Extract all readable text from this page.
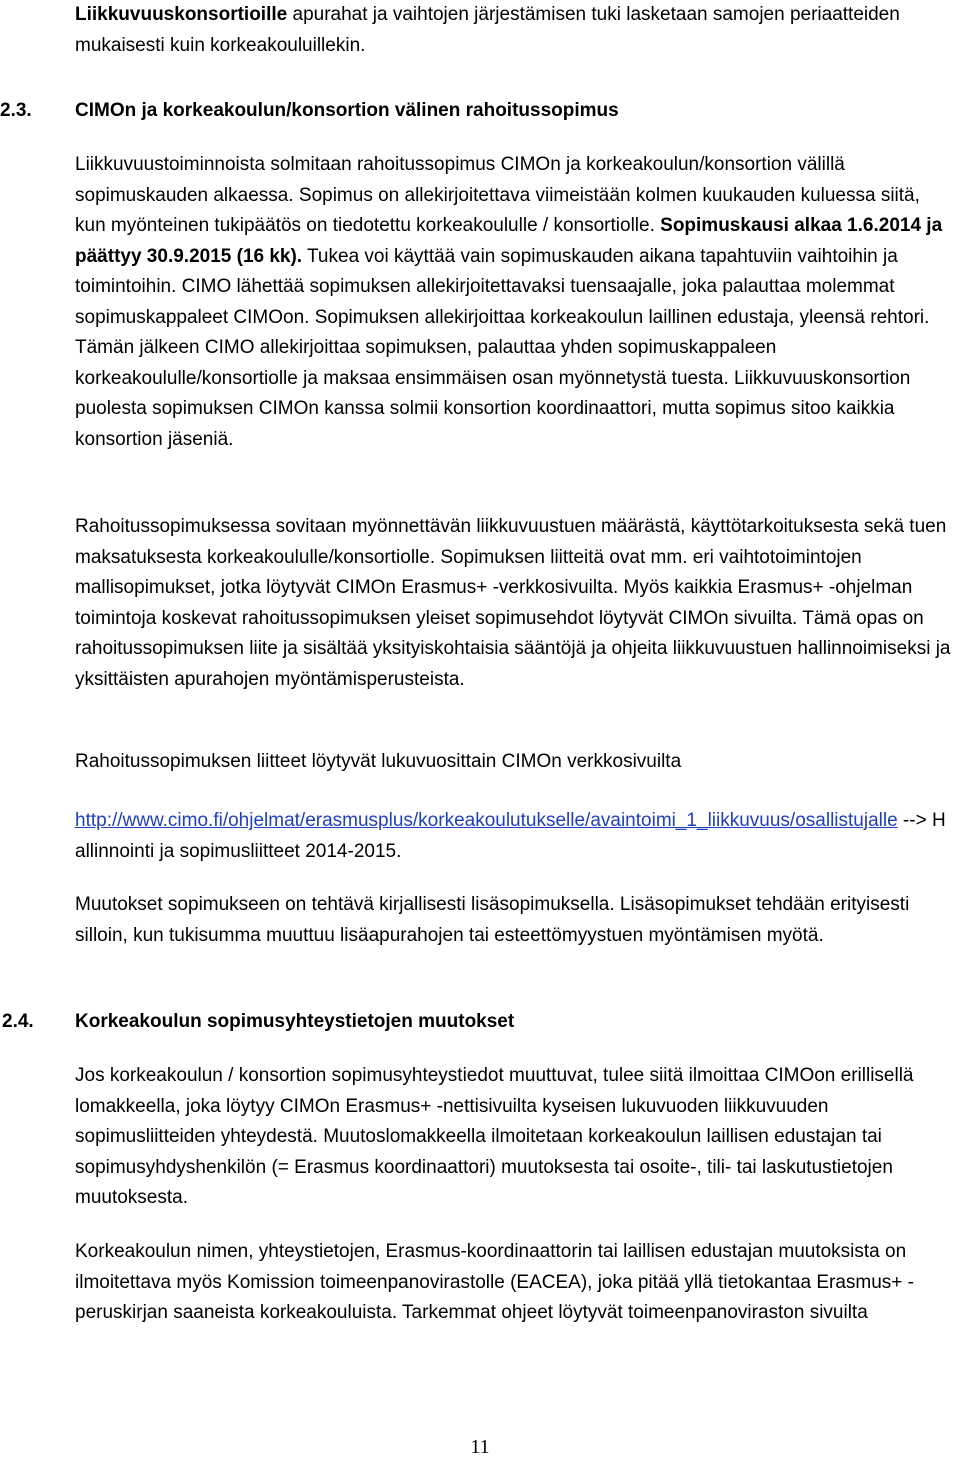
Liikkuvuuskonsortioille apurahat ja vaihtojen järjestämisen tuki lasketaan samojen periaatteiden mukaisesti kuin korkeakouluillekin.

2.3. CIMOn ja korkeakoulun/konsortion välinen rahoitussopimus

Liikkuvuustoiminnoista solmitaan rahoitussopimus CIMOn ja korkeakoulun/konsortion välillä sopimuskauden alkaessa. Sopimus on allekirjoitettava viimeistään kolmen kuukauden kuluessa siitä, kun myönteinen tukipäätös on tiedotettu korkeakoululle / konsortiolle. Sopimuskausi alkaa 1.6.2014 ja päättyy 30.9.2015 (16 kk). Tukea voi käyttää vain sopimuskauden aikana tapahtuviin vaihtoihin ja toimintoihin. CIMO lähettää sopimuksen allekirjoitettavaksi tuensaajalle, joka palauttaa molemmat sopimuskappaleet CIMOon. Sopimuksen allekirjoittaa korkeakoulun laillinen edustaja, yleensä rehtori. Tämän jälkeen CIMO allekirjoittaa sopimuksen, palauttaa yhden sopimuskappaleen korkeakoululle/konsortiolle ja maksaa ensimmäisen osan myönnetystä tuesta. Liikkuvuuskonsortion puolesta sopimuksen CIMOn kanssa solmii konsortion koordinaattori, mutta sopimus sitoo kaikkia konsortion jäseniä.

Rahoitussopimuksessa sovitaan myönnettävän liikkuvuustuen määrästä, käyttötarkoituksesta sekä tuen maksatuksesta korkeakoululle/konsortiolle. Sopimuksen liitteitä ovat mm. eri vaihtotoimintojen mallisopimukset, jotka löytyvät CIMOn Erasmus+ -verkkosivuilta. Myös kaikkia Erasmus+ -ohjelman toimintoja koskevat rahoitussopimuksen yleiset sopimusehdot löytyvät CIMOn sivuilta. Tämä opas on rahoitussopimuksen liite ja sisältää yksityiskohtaisia sääntöjä ja ohjeita liikkuvuustuen hallinnoimiseksi ja yksittäisten apurahojen myöntämisperusteista.

Rahoitussopimuksen liitteet löytyvät lukuvuosittain CIMOn verkkosivuilta

http://www.cimo.fi/ohjelmat/erasmusplus/korkeakoulutukselle/avaintoimi_1_liikkuvuus/osallistujalle --> Hallinnointi ja sopimusliitteet 2014-2015.

Muutokset sopimukseen on tehtävä kirjallisesti lisäsopimuksella. Lisäsopimukset tehdään erityisesti silloin, kun tukisumma muuttuu lisäapurahojen tai esteettömyystuen myöntämisen myötä.

2.4. Korkeakoulun sopimusyhteystietojen muutokset

Jos korkeakoulun / konsortion sopimusyhteystiedot muuttuvat, tulee siitä ilmoittaa CIMOon erillisellä lomakkeella, joka löytyy CIMOn Erasmus+ -nettisivuilta kyseisen lukuvuoden liikkuvuuden sopimusliitteiden yhteydestä. Muutoslomakkeella ilmoitetaan korkeakoulun laillisen edustajan tai sopimusyhdyshenkilön (= Erasmus koordinaattori) muutoksesta tai osoite-, tili- tai laskutustietojen muutoksesta.

Korkeakoulun nimen, yhteystietojen, Erasmus-koordinaattorin tai laillisen edustajan muutoksista on ilmoitettava myös Komission toimeenpanovirastolle (EACEA), joka pitää yllä tietokantaa Erasmus+ -peruskirjan saaneista korkeakouluista. Tarkemmat ohjeet löytyvät toimeenpanoviraston sivuilta

11
